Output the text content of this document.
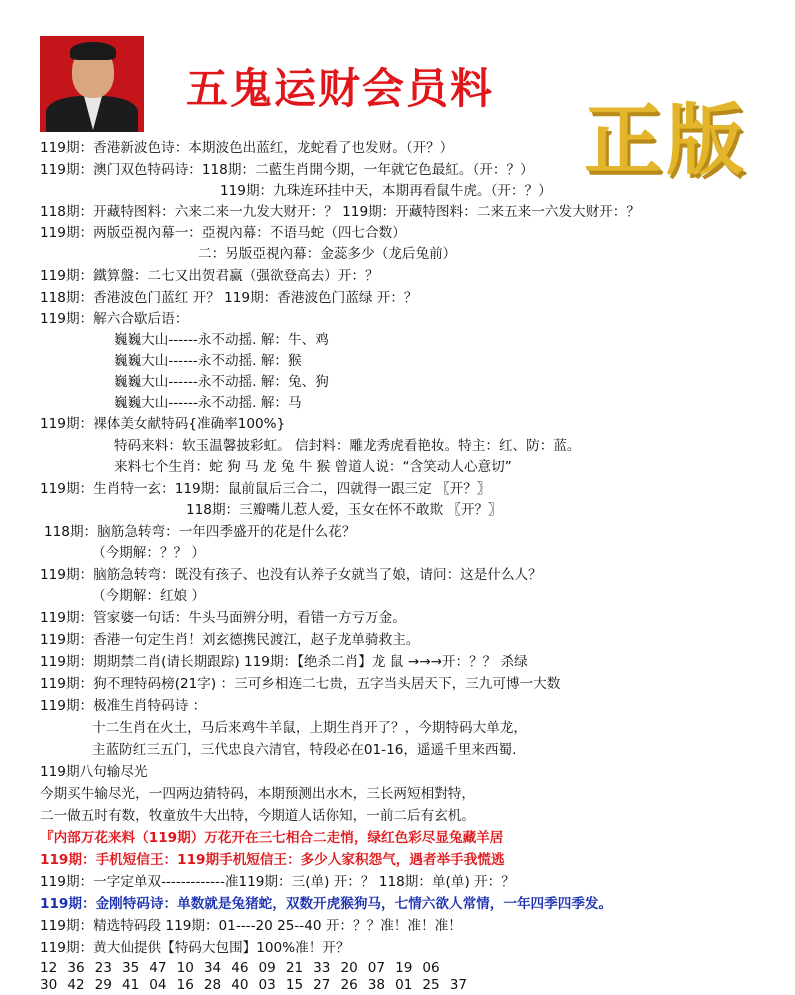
五鬼运财会员料
正版
119期：香港新波色诗：本期波色出蓝红，龙蛇看了也发财。（开？）
119期：澳门双色特码诗：118期：二藍生肖開今期，一年就它色最紅。（开：？）
119期：九珠连环挂中天，本期再看鼠牛虎。（开：？）
118期：开藏特图料：六来二来一九发大财开：？ 119期：开藏特图料：二来五来一六发大财开：？
119期：两版亞視內幕一：亞視內幕：不语马蛇（四七合数）
二：另版亞視內幕：金蕊多少（龙后兔前）
119期：鐵算盤：二七又出贺君赢（强欲登高去）开：？
118期：香港波色门蓝红 开？ 119期：香港波色门蓝绿 开：？
119期：解六合歇后语：
巍巍大山------永不动摇. 解：牛、鸡
巍巍大山------永不动摇. 解：猴
巍巍大山------永不动摇. 解：兔、狗
巍巍大山------永不动摇. 解：马
119期：裸体美女献特码{准确率100%}
特码来料：软玉温馨披彩虹。 信封料：雕龙秀虎看艳妆。特主：红、防：蓝。
来料七个生肖：蛇 狗 马 龙 兔 牛 猴 曾道人说：“含笑动人心意切”
119期：生肖特一玄：119期：鼠前鼠后三合二，四就得一跟三定 〖开？〗
118期：三瓣嘴儿惹人爱，玉女在怀不敢欺 〖开？〗
118期：脑筋急转弯：一年四季盛开的花是什么花？
（今期解：？？ ）
119期：脑筋急转弯：既没有孩子、也没有认养子女就当了娘，请问：这是什么人？
（今期解：红娘 ）
119期：管家婆一句话：牛头马面辨分明，看错一方亏万金。
119期：香港一句定生肖！刘玄德携民渡江，赵子龙单骑救主。
119期：期期禁二肖(请长期跟踪) 119期：【绝杀二肖】龙 鼠 →→→开：？？ 杀绿
119期：狗不理特码榜(21字) ：三可乡相连二七贵，五字当头居天下，三九可博一大数
119期：极准生肖特码诗 ：
十二生肖在火土，马后来鸡牛羊鼠，上期生肖开了？，今期特码大单龙，
主蓝防红三五门，三代忠良六清官，特段必在01-16，遥遥千里来西蜀.
119期八句输尽光
今期买牛输尽光，一四两边猜特码，本期预测出水木，三长两短相對特，
二一做五时有数，牧童放牛大出特，今期道人话你知，一前二后有玄机。
『内部万花来料（119期）万花开在三七相合二走悄，绿红色彩尽显兔藏羊居
119期：手机短信王：119期手机短信王：多少人家积怨气，遇者举手我慌逃
119期：一字定单双-------------准119期：三(单) 开：？ 118期：单(单) 开：？
119期：金刚特码诗：单数就是兔猪蛇，双数开虎猴狗马，七情六欲人常情，一年四季四季发。
119期：精选特码段 119期：01----20 25--40 开：？？准！准！准！
119期：黄大仙提供【特码大包围】100%准！开？
12 36 23 35 47 10 34 46 09 21 33 20 07 19 06
30 42 29 41 04 16 28 40 03 15 27 26 38 01 25 37
